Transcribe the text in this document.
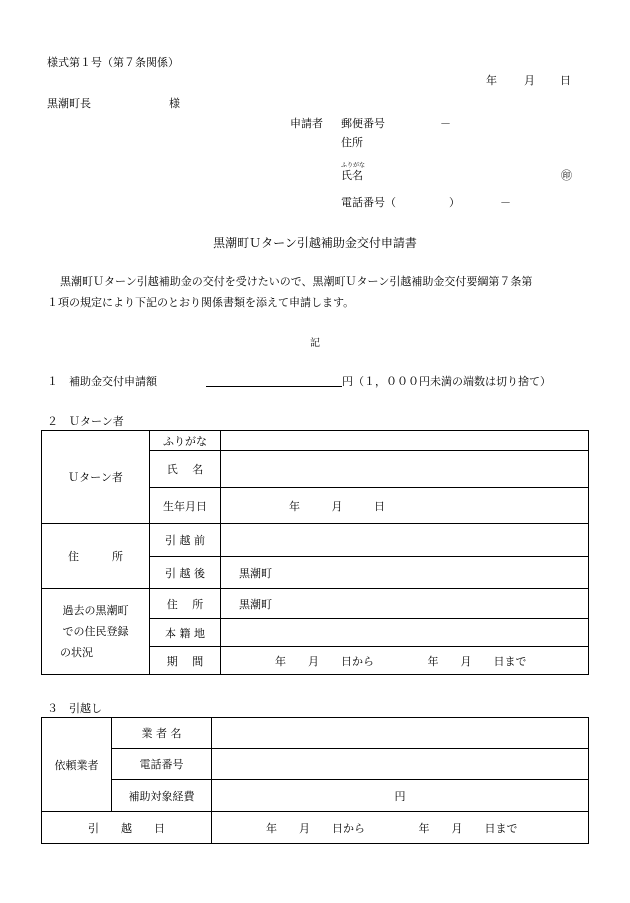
様式第１号（第７条関係）
年 月 日
黒潮町長	様
申請者 郵便番号	－
住所
ふりがな
氏名	㊞
電話番号（	）	－
黒潮町Ｕターン引越補助金交付申請書
黒潮町Ｕターン引越補助金の交付を受けたいので、黒潮町Ｕターン引越補助金交付要綱第７条第
１項の規定により下記のとおり関係書類を添えて申請します。
記
１　補助金交付申請額	円（１，０００円未満の端数は切り捨て）
２　Ｕターン者
Ｕターン者	ふりがな	
	氏　 名	
	生年月日	年 月 日
住　　　所	引 越 前	
	引 越 後	黒潮町

過去の黒潮町
での住民登録
の状況	住　 所	黒潮町
	本 籍 地	
	期　 間	年　　月　　日から 年　　月　　日まで
３　引越し
依頼業者	業 者 名	
	電話番号	
	補助対象経費	円
引　　越　　日		年　　月　　日から 年　　月　　日まで
